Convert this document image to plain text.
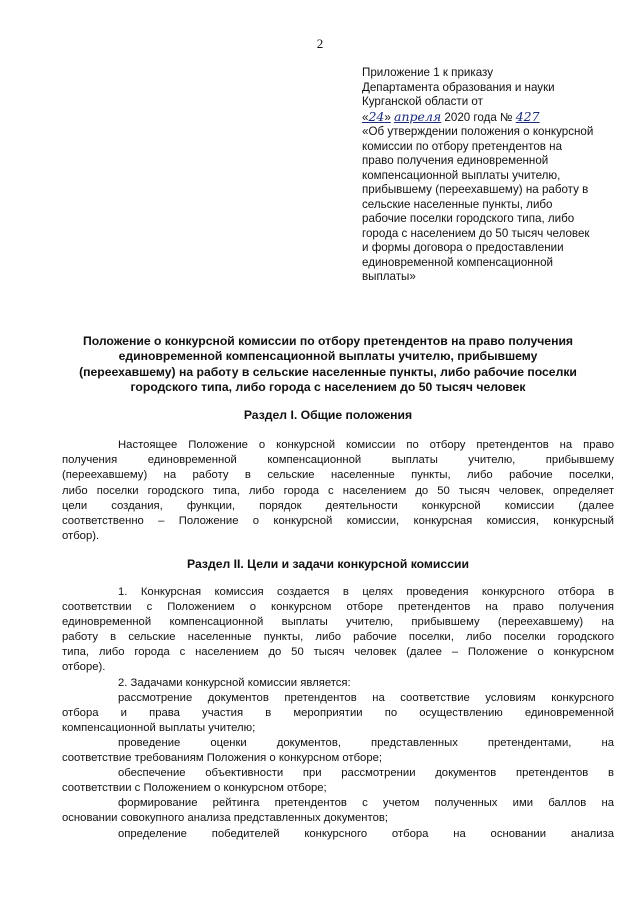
2
Приложение 1 к приказу
Департамента образования и науки
Курганской области от
«24» апреля 2020 года № 427
«Об утверждении положения о конкурсной
комиссии по отбору претендентов на
право получения единовременной
компенсационной выплаты учителю,
прибывшему (переехавшему) на работу в
сельские населенные пункты, либо
рабочие поселки городского типа, либо
города с населением до 50 тысяч человек
и формы договора о предоставлении
единовременной компенсационной
выплаты»
Положение о конкурсной комиссии по отбору претендентов на право получения
единовременной компенсационной выплаты учителю, прибывшему
(переехавшему) на работу в сельские населенные пункты, либо рабочие поселки
городского типа, либо города с населением до 50 тысяч человек
Раздел I. Общие положения
Настоящее Положение о конкурсной комиссии по отбору претендентов на право
получения единовременной компенсационной выплаты учителю, прибывшему
(переехавшему) на работу в сельские населенные пункты, либо рабочие поселки,
либо поселки городского типа, либо города с населением до 50 тысяч человек, определяет
цели создания, функции, порядок деятельности конкурсной комиссии (далее
соответственно – Положение о конкурсной комиссии, конкурсная комиссия, конкурсный
отбор).
Раздел II. Цели и задачи конкурсной комиссии
1. Конкурсная комиссия создается в целях проведения конкурсного отбора в
соответствии с Положением о конкурсном отборе претендентов на право получения
единовременной компенсационной выплаты учителю, прибывшему (переехавшему) на
работу в сельские населенные пункты, либо рабочие поселки, либо поселки городского
типа, либо города с населением до 50 тысяч человек (далее – Положение о конкурсном
отборе).
2. Задачами конкурсной комиссии является:
рассмотрение документов претендентов на соответствие условиям конкурсного
отбора и права участия в мероприятии по осуществлению единовременной
компенсационной выплаты учителю;
проведение оценки документов, представленных претендентами, на
соответствие требованиям Положения о конкурсном отборе;
обеспечение объективности при рассмотрении документов претендентов в
соответствии с Положением о конкурсном отборе;
формирование рейтинга претендентов с учетом полученных ими баллов на
основании совокупного анализа представленных документов;
определение победителей конкурсного отбора на основании анализа
